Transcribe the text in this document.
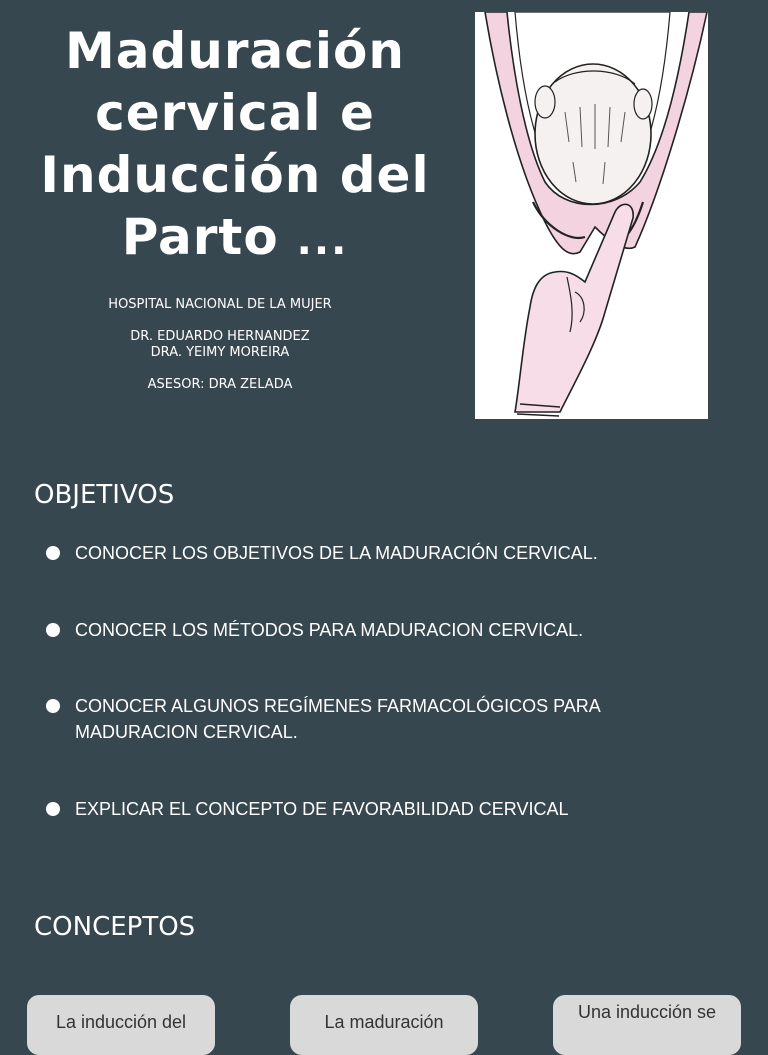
Maduración
cervical e
Inducción del
Parto ...

HOSPITAL NACIONAL DE LA MUJER

DR. EDUARDO HERNANDEZ

DRA. YEIMY MOREIRA

ASESOR: DRA ZELADA

OBJETIVOS
CONOCER LOS OBJETIVOS DE LA MADURACIÓN CERVICAL.
CONOCER LOS MÉTODOS PARA MADURACION CERVICAL.
CONOCER ALGUNOS REGÍMENES FARMACOLÓGICOS PARA MADURACION CERVICAL.
EXPLICAR EL CONCEPTO DE FAVORABILIDAD CERVICAL
CONCEPTOS
La inducción del	La maduración	Una inducción se
